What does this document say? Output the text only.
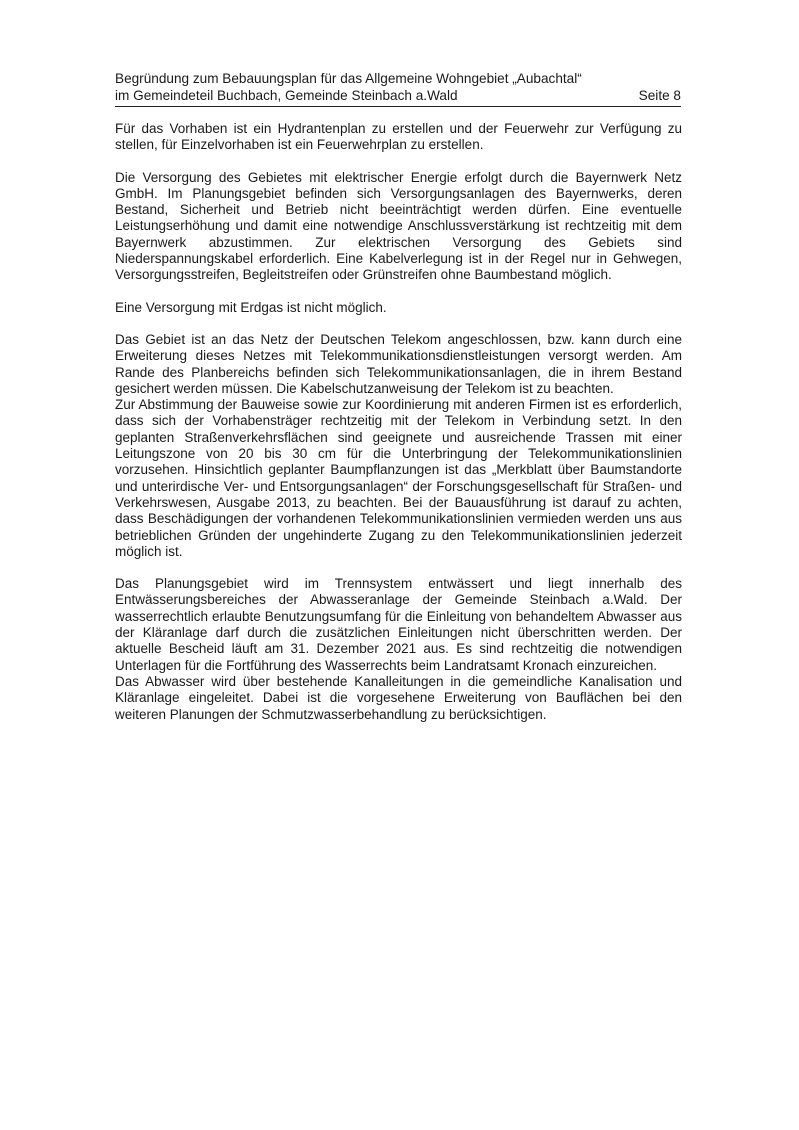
Begründung zum Bebauungsplan für das Allgemeine Wohngebiet „Aubachtal“
im Gemeindeteil Buchbach, Gemeinde Steinbach a.Wald	Seite 8

Für das Vorhaben ist ein Hydrantenplan zu erstellen und der Feuerwehr zur Verfügung zu stellen, für Einzelvorhaben ist ein Feuerwehrplan zu erstellen.

Die Versorgung des Gebietes mit elektrischer Energie erfolgt durch die Bayernwerk Netz GmbH. Im Planungsgebiet befinden sich Versorgungsanlagen des Bayernwerks, deren Bestand, Sicherheit und Betrieb nicht beeinträchtigt werden dürfen. Eine eventuelle Leistungserhöhung und damit eine notwendige Anschlussverstärkung ist rechtzeitig mit dem Bayernwerk abzustimmen. Zur elektrischen Versorgung des Gebiets sind Niederspannungskabel erforderlich. Eine Kabelverlegung ist in der Regel nur in Gehwegen, Versorgungsstreifen, Begleitstreifen oder Grünstreifen ohne Baumbestand möglich.

Eine Versorgung mit Erdgas ist nicht möglich.

Das Gebiet ist an das Netz der Deutschen Telekom angeschlossen, bzw. kann durch eine Erweiterung dieses Netzes mit Telekommunikationsdienstleistungen versorgt werden. Am Rande des Planbereichs befinden sich Telekommunikationsanlagen, die in ihrem Bestand gesichert werden müssen. Die Kabelschutzanweisung der Telekom ist zu beachten.

Zur Abstimmung der Bauweise sowie zur Koordinierung mit anderen Firmen ist es erforderlich, dass sich der Vorhabensträger rechtzeitig mit der Telekom in Verbindung setzt. In den geplanten Straßenverkehrsflächen sind geeignete und ausreichende Trassen mit einer Leitungszone von 20 bis 30 cm für die Unterbringung der Telekommunikationslinien vorzusehen. Hinsichtlich geplanter Baumpflanzungen ist das „Merkblatt über Baumstandorte und unterirdische Ver- und Entsorgungsanlagen“ der Forschungsgesellschaft für Straßen- und Verkehrswesen, Ausgabe 2013, zu beachten. Bei der Bauausführung ist darauf zu achten, dass Beschädigungen der vorhandenen Telekommunikationslinien vermieden werden uns aus betrieblichen Gründen der ungehinderte Zugang zu den Telekommunikationslinien jederzeit möglich ist.

Das Planungsgebiet wird im Trennsystem entwässert und liegt innerhalb des Entwässerungsbereiches der Abwasseranlage der Gemeinde Steinbach a.Wald. Der wasserrechtlich erlaubte Benutzungsumfang für die Einleitung von behandeltem Abwasser aus der Kläranlage darf durch die zusätzlichen Einleitungen nicht überschritten werden. Der aktuelle Bescheid läuft am 31. Dezember 2021 aus. Es sind rechtzeitig die notwendigen Unterlagen für die Fortführung des Wasserrechts beim Landratsamt Kronach einzureichen.

Das Abwasser wird über bestehende Kanalleitungen in die gemeindliche Kanalisation und Kläranlage eingeleitet. Dabei ist die vorgesehene Erweiterung von Bauflächen bei den weiteren Planungen der Schmutzwasserbehandlung zu berücksichtigen.
